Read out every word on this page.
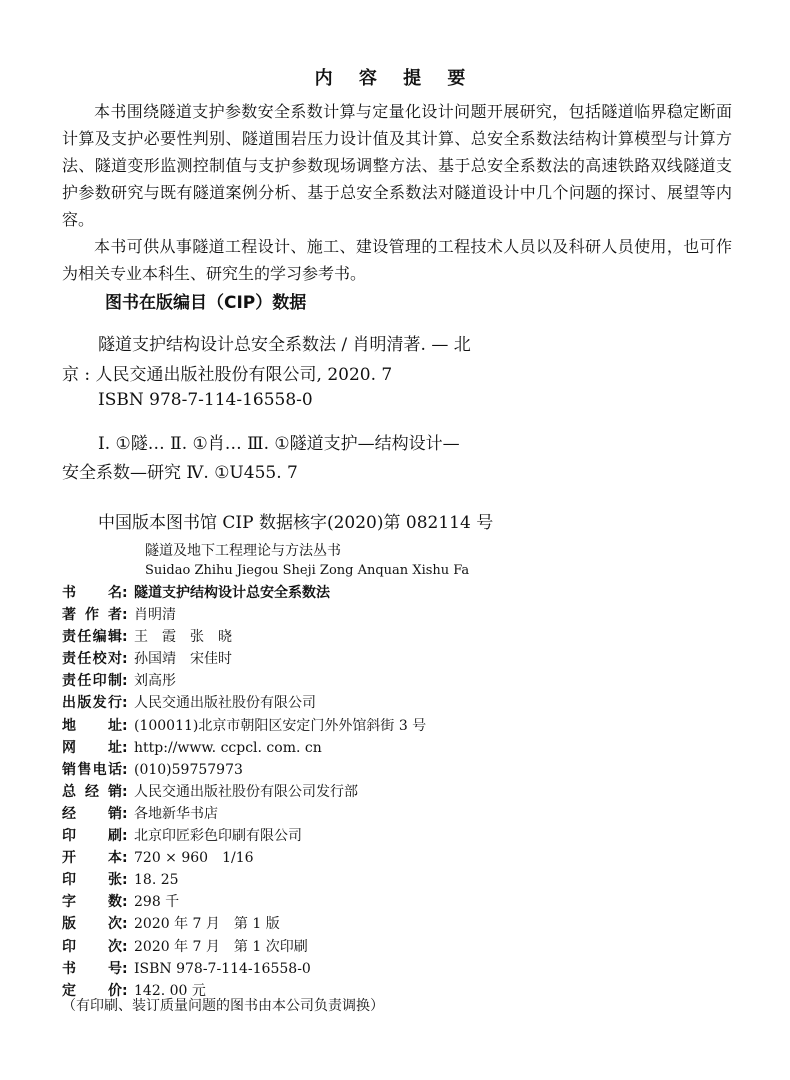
内 容 提 要

本书围绕隧道支护参数安全系数计算与定量化设计问题开展研究，包括隧道临界稳定断面计算及支护必要性判别、隧道围岩压力设计值及其计算、总安全系数法结构计算模型与计算方法、隧道变形监测控制值与支护参数现场调整方法、基于总安全系数法的高速铁路双线隧道支护参数研究与既有隧道案例分析、基于总安全系数法对隧道设计中几个问题的探讨、展望等内容。

本书可供从事隧道工程设计、施工、建设管理的工程技术人员以及科研人员使用，也可作为相关专业本科生、研究生的学习参考书。

图书在版编目（CIP）数据
隧道支护结构设计总安全系数法 / 肖明清著. — 北
京 : 人民交通出版社股份有限公司, 2020. 7
ISBN 978-7-114-16558-0
Ⅰ. ①隧… Ⅱ. ①肖… Ⅲ. ①隧道支护—结构设计—
安全系数—研究 Ⅳ. ①U455. 7
中国版本图书馆 CIP 数据核字(2020)第 082114 号
隧道及地下工程理论与方法丛书
Suidao Zhihu Jiegou Sheji Zong Anquan Xishu Fa
书名: 隧道支护结构设计总安全系数法
著作者: 肖明清
责任编辑: 王　霞　张　晓
责任校对: 孙国靖　宋佳时
责任印制: 刘高彤
出版发行: 人民交通出版社股份有限公司
地址: (100011)北京市朝阳区安定门外外馆斜街 3 号
网址: http://www. ccpcl. com. cn
销售电话: (010)59757973
总经销: 人民交通出版社股份有限公司发行部
经销: 各地新华书店
印刷: 北京印匠彩色印刷有限公司
开本: 720 × 960　1/16
印张: 18. 25
字数: 298 千
版次: 2020 年 7 月　第 1 版
印次: 2020 年 7 月　第 1 次印刷
书号: ISBN 978-7-114-16558-0
定价: 142. 00 元
（有印刷、装订质量问题的图书由本公司负责调换）
